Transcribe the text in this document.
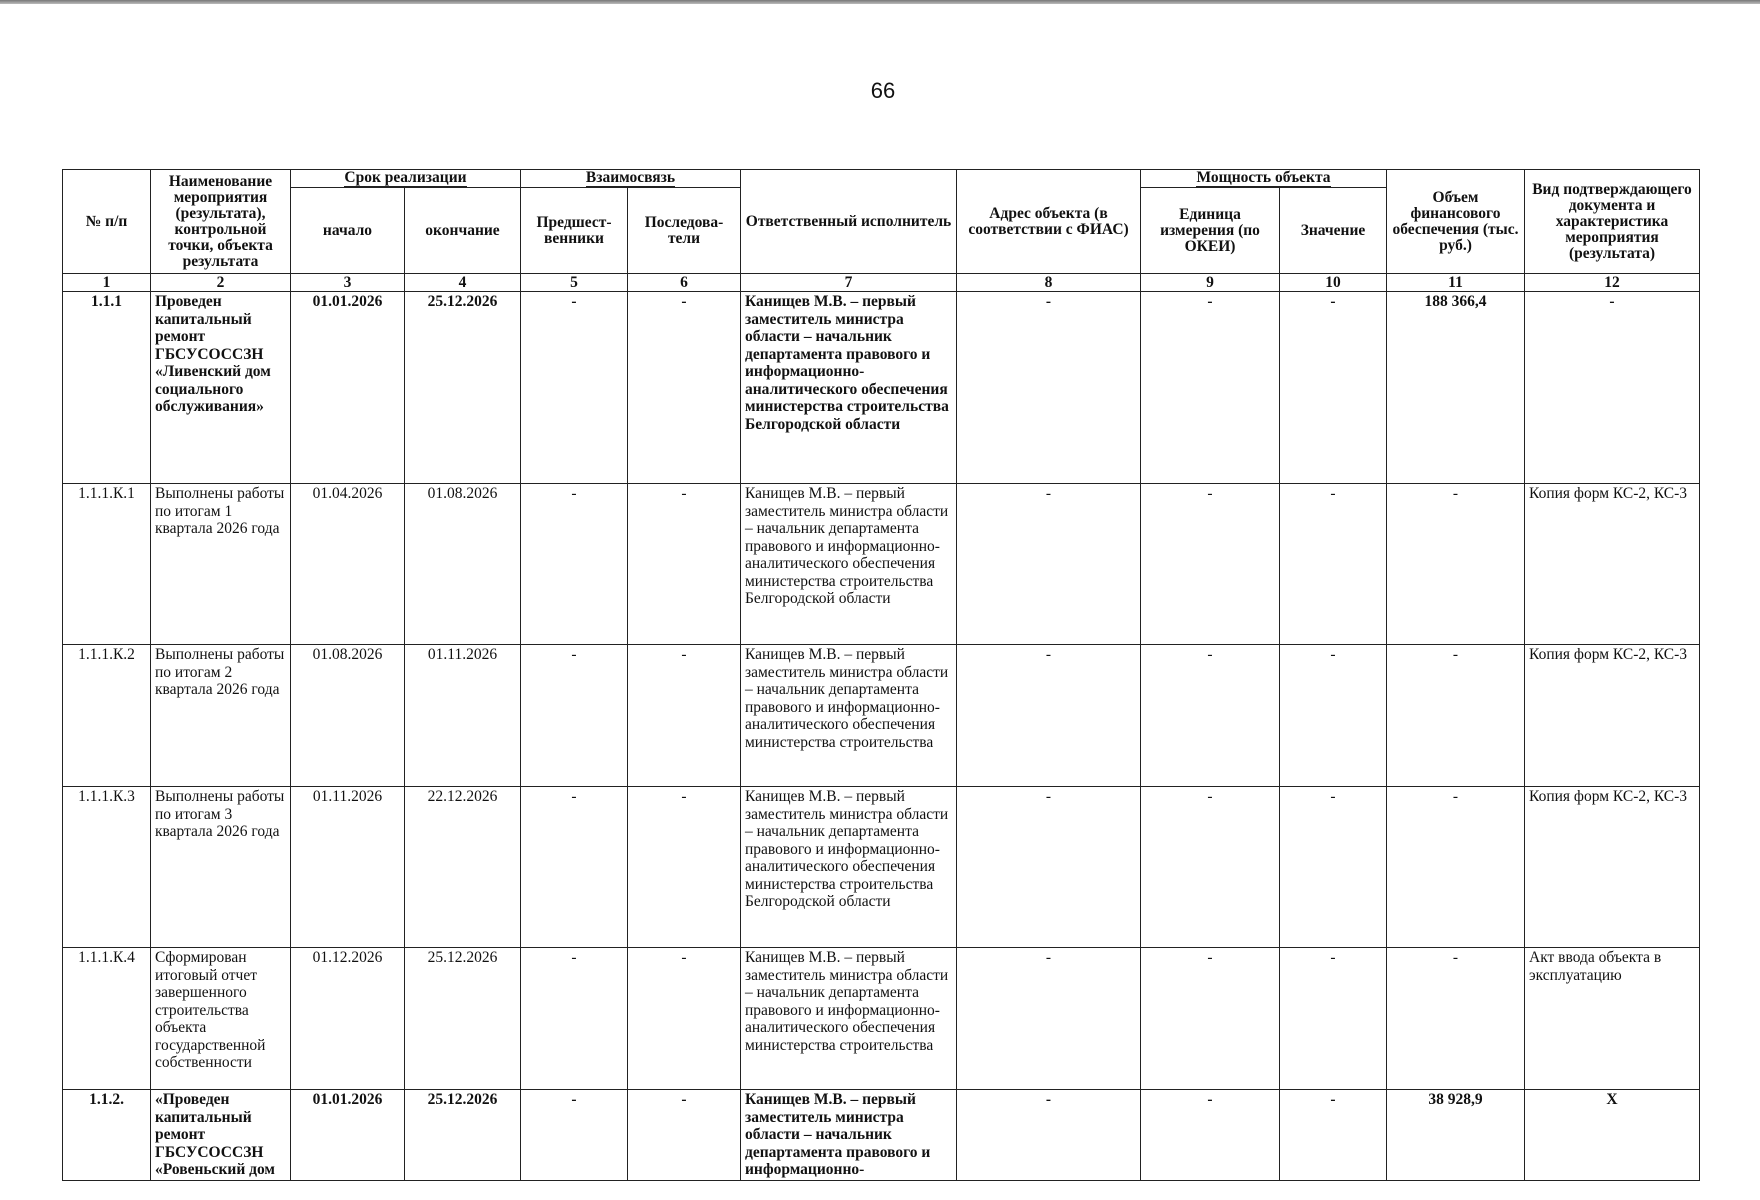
66
№ п/п	Наименование мероприятия (результата), контрольной точки, объекта результата	Срок реализации		Взаимосвязь		Ответственный исполнитель	Адрес объекта (в соответствии с ФИАС)	Мощность объекта		Объем финансового обеспечения (тыс. руб.)	Вид подтверждающего документа и характеристика мероприятия (результата)
		начало	окончание	Предшест-венники	Последова-тели			Единица измерения (по ОКЕИ)	Значение		
1	2	3	4	5	6	7	8	9	10	11	12
1.1.1	Проведен капитальный ремонт ГБСУСОССЗН «Ливенский дом социального обслуживания»	01.01.2026	25.12.2026	-	-	Канищев М.В. – первый заместитель министра области – начальник департамента правового и информационно-аналитического обеспечения министерства строительства Белгородской области	-	-	-	188 366,4	-
1.1.1.К.1	Выполнены работы по итогам 1 квартала 2026 года	01.04.2026	01.08.2026	-	-	Канищев М.В. – первый заместитель министра области – начальник департамента правового и информационно-аналитического обеспечения министерства строительства Белгородской области	-	-	-	-	Копия форм КС-2, КС-3
1.1.1.К.2	Выполнены работы по итогам 2 квартала 2026 года	01.08.2026	01.11.2026	-	-	Канищев М.В. – первый заместитель министра области – начальник департамента правового и информационно-аналитического обеспечения министерства строительства	-	-	-	-	Копия форм КС-2, КС-3
1.1.1.К.3	Выполнены работы по итогам 3 квартала 2026 года	01.11.2026	22.12.2026	-	-	Канищев М.В. – первый заместитель министра области – начальник департамента правового и информационно-аналитического обеспечения министерства строительства Белгородской области	-	-	-	-	Копия форм КС-2, КС-3
1.1.1.К.4	Сформирован итоговый отчет завершенного строительства объекта государственной собственности	01.12.2026	25.12.2026	-	-	Канищев М.В. – первый заместитель министра области – начальник департамента правового и информационно-аналитического обеспечения министерства строительства	-	-	-	-	Акт ввода объекта в эксплуатацию
1.1.2.	«Проведен капитальный ремонт ГБСУСОССЗН «Ровеньский дом	01.01.2026	25.12.2026	-	-	Канищев М.В. – первый заместитель министра области – начальник департамента правового и информационно-	-	-	-	38 928,9	Х
